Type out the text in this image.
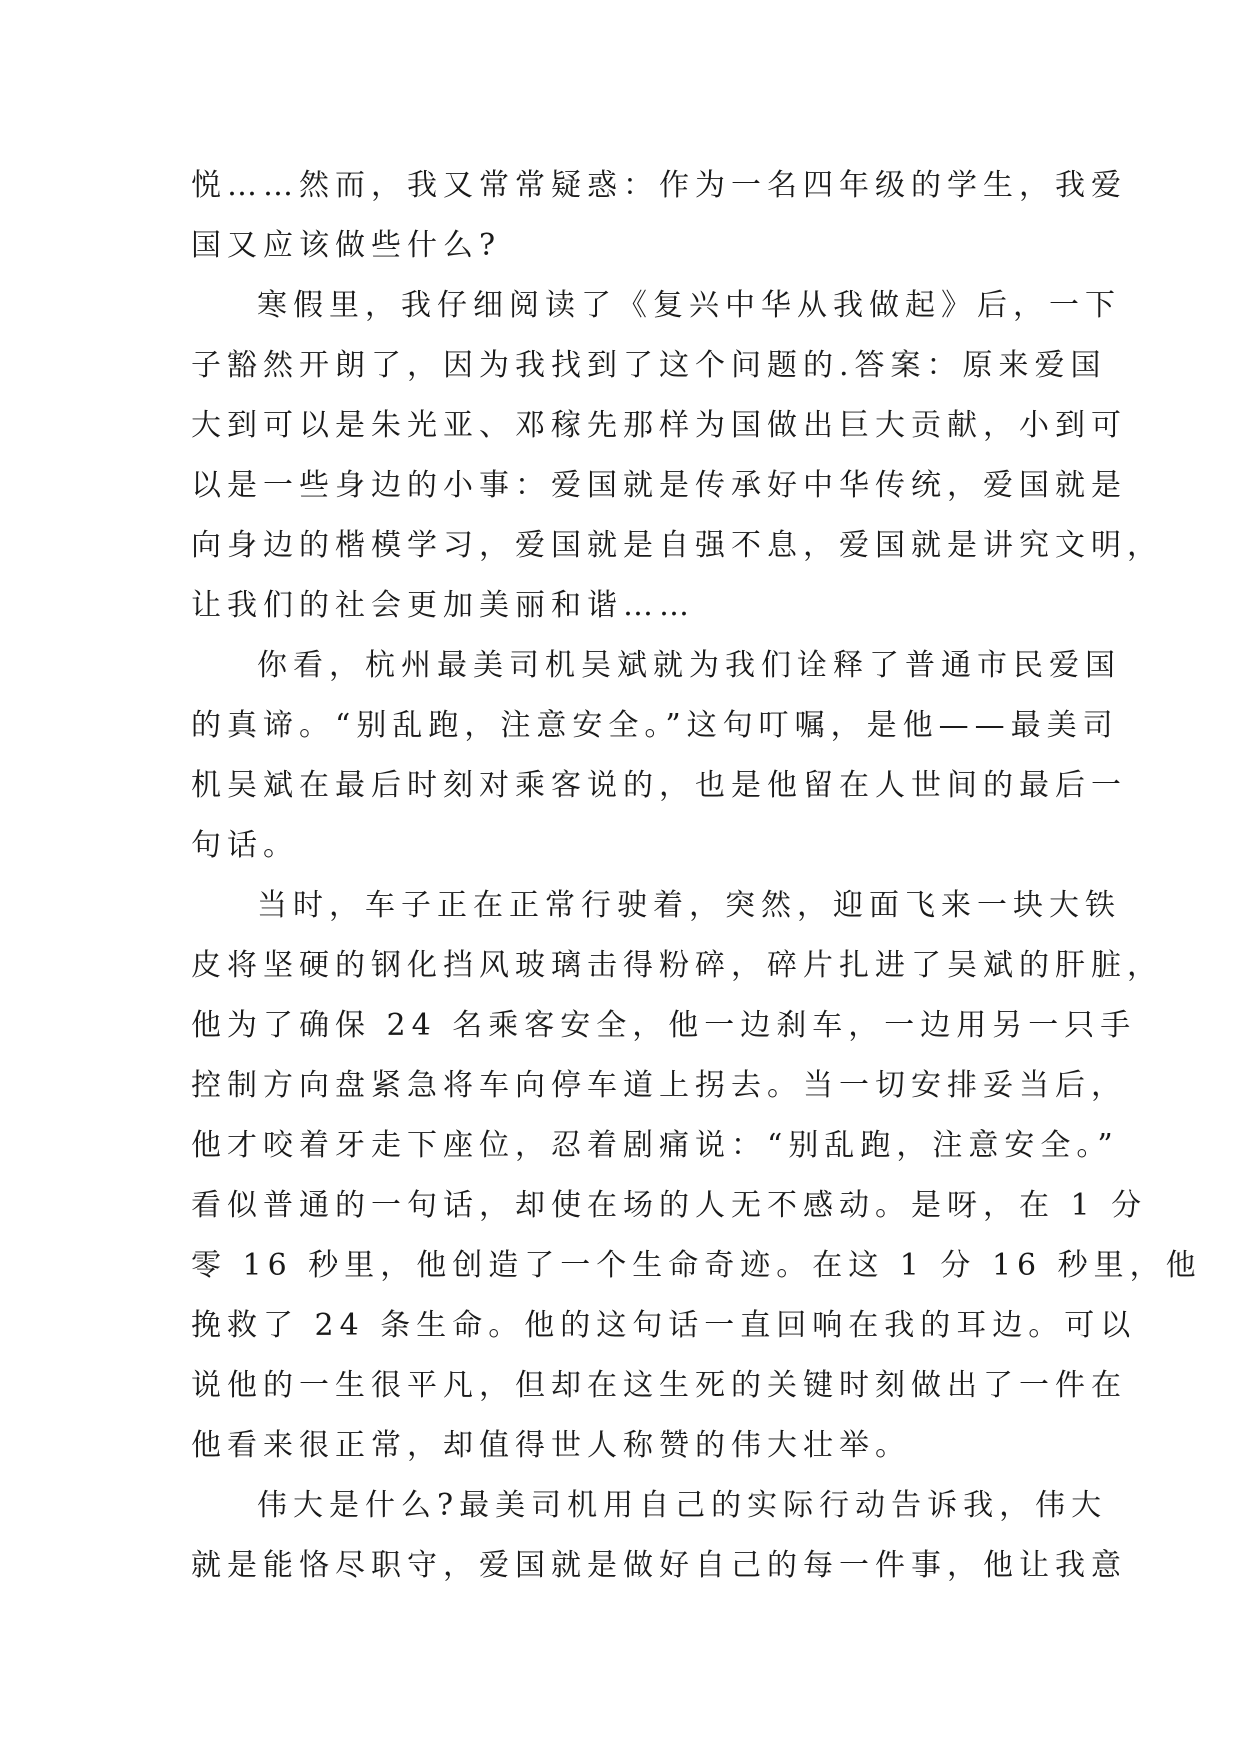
悦……然而，我又常常疑惑：作为一名四年级的学生，我爱
国又应该做些什么?
寒假里，我仔细阅读了《复兴中华从我做起》后，一下
子豁然开朗了，因为我找到了这个问题的.答案：原来爱国
大到可以是朱光亚、邓稼先那样为国做出巨大贡献，小到可
以是一些身边的小事：爱国就是传承好中华传统，爱国就是
向身边的楷模学习，爱国就是自强不息，爱国就是讲究文明，
让我们的社会更加美丽和谐……
你看，杭州最美司机吴斌就为我们诠释了普通市民爱国
的真谛。“别乱跑，注意安全。”这句叮嘱，是他——最美司
机吴斌在最后时刻对乘客说的，也是他留在人世间的最后一
句话。
当时，车子正在正常行驶着，突然，迎面飞来一块大铁
皮将坚硬的钢化挡风玻璃击得粉碎，碎片扎进了吴斌的肝脏，
他为了确保 24 名乘客安全，他一边刹车，一边用另一只手
控制方向盘紧急将车向停车道上拐去。当一切安排妥当后，
他才咬着牙走下座位，忍着剧痛说：“别乱跑，注意安全。”
看似普通的一句话，却使在场的人无不感动。是呀，在 1 分
零 16 秒里，他创造了一个生命奇迹。在这 1 分 16 秒里，他
挽救了 24 条生命。他的这句话一直回响在我的耳边。可以
说他的一生很平凡，但却在这生死的关键时刻做出了一件在
他看来很正常，却值得世人称赞的伟大壮举。
伟大是什么?最美司机用自己的实际行动告诉我，伟大
就是能恪尽职守，爱国就是做好自己的每一件事，他让我意
